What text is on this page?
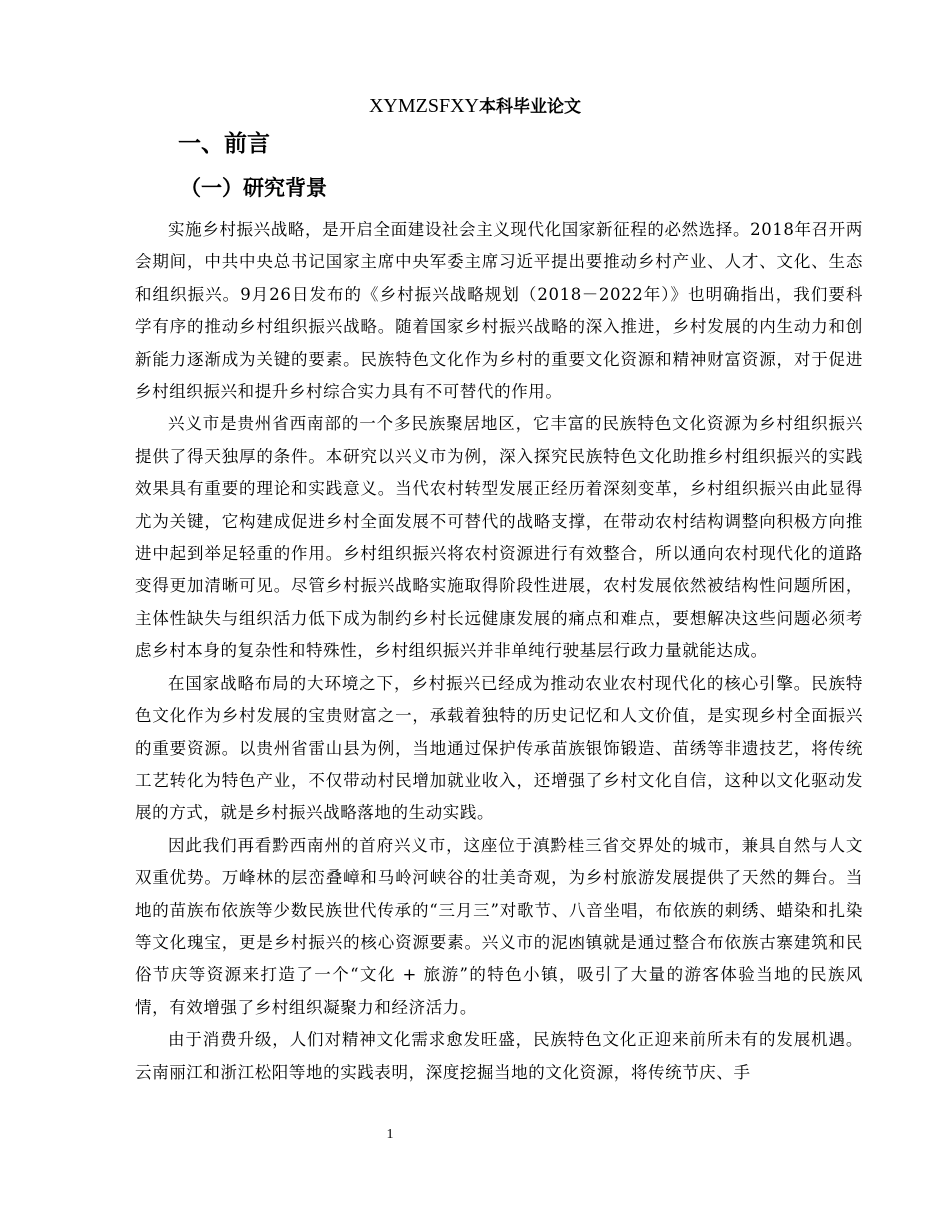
XYMZSFXY本科毕业论文
一、前言
（一）研究背景

实施乡村振兴战略，是开启全面建设社会主义现代化国家新征程的必然选择。2018年召开两会期间，中共中央总书记国家主席中央军委主席习近平提出要推动乡村产业、人才、文化、生态和组织振兴。9月26日发布的《乡村振兴战略规划（2018－2022年）》也明确指出，我们要科学有序的推动乡村组织振兴战略。随着国家乡村振兴战略的深入推进，乡村发展的内生动力和创新能力逐渐成为关键的要素。民族特色文化作为乡村的重要文化资源和精神财富资源，对于促进乡村组织振兴和提升乡村综合实力具有不可替代的作用。

兴义市是贵州省西南部的一个多民族聚居地区，它丰富的民族特色文化资源为乡村组织振兴提供了得天独厚的条件。本研究以兴义市为例，深入探究民族特色文化助推乡村组织振兴的实践效果具有重要的理论和实践意义。当代农村转型发展正经历着深刻变革，乡村组织振兴由此显得尤为关键，它构建成促进乡村全面发展不可替代的战略支撑，在带动农村结构调整向积极方向推进中起到举足轻重的作用。乡村组织振兴将农村资源进行有效整合，所以通向农村现代化的道路变得更加清晰可见。尽管乡村振兴战略实施取得阶段性进展，农村发展依然被结构性问题所困，主体性缺失与组织活力低下成为制约乡村长远健康发展的痛点和难点，要想解决这些问题必须考虑乡村本身的复杂性和特殊性，乡村组织振兴并非单纯行驶基层行政力量就能达成。

在国家战略布局的大环境之下，乡村振兴已经成为推动农业农村现代化的核心引擎。民族特色文化作为乡村发展的宝贵财富之一，承载着独特的历史记忆和人文价值，是实现乡村全面振兴的重要资源。以贵州省雷山县为例，当地通过保护传承苗族银饰锻造、苗绣等非遗技艺，将传统工艺转化为特色产业，不仅带动村民增加就业收入，还增强了乡村文化自信，这种以文化驱动发展的方式，就是乡村振兴战略落地的生动实践。

因此我们再看黔西南州的首府兴义市，这座位于滇黔桂三省交界处的城市，兼具自然与人文双重优势。万峰林的层峦叠嶂和马岭河峡谷的壮美奇观，为乡村旅游发展提供了天然的舞台。当地的苗族布依族等少数民族世代传承的“三月三”对歌节、八音坐唱，布依族的刺绣、蜡染和扎染等文化瑰宝，更是乡村振兴的核心资源要素。兴义市的泥凼镇就是通过整合布依族古寨建筑和民俗节庆等资源来打造了一个“文化 + 旅游”的特色小镇，吸引了大量的游客体验当地的民族风情，有效增强了乡村组织凝聚力和经济活力。

由于消费升级，人们对精神文化需求愈发旺盛，民族特色文化正迎来前所未有的发展机遇。云南丽江和浙江松阳等地的实践表明，深度挖掘当地的文化资源，将传统节庆、手

1
